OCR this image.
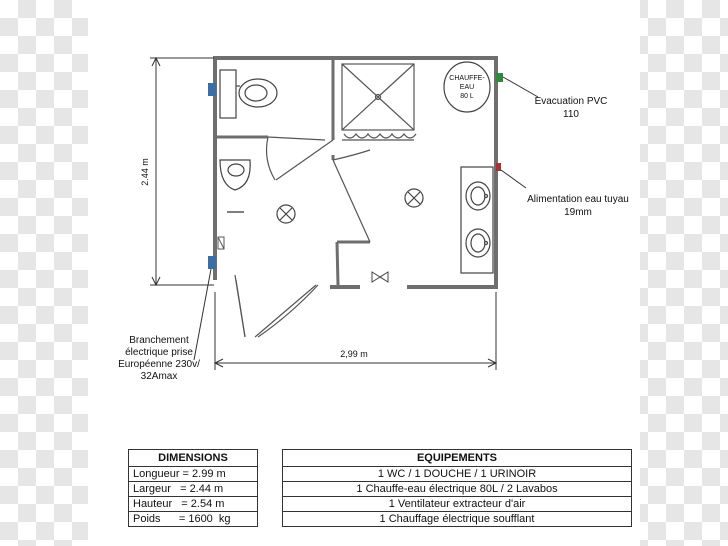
CHAUFFE-
EAU
80 L
2.44 m
2,99 m
Evacuation PVC
110
Alimentation eau tuyau
19mm
Branchement
électrique prise
Européenne 230v/
32Amax
DIMENSIONS
Longueur = 2.99 m
Largeur   = 2.44 m
Hauteur   = 2.54 m
Poids      = 1600  kg
EQUIPEMENTS
1 WC / 1 DOUCHE / 1 URINOIR
1 Chauffe-eau électrique 80L / 2 Lavabos
1 Ventilateur extracteur d'air
1 Chauffage électrique soufflant
